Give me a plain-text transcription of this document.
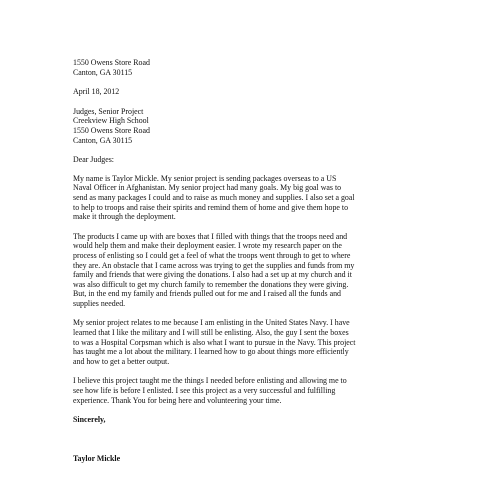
1550 Owens Store Road
Canton, GA 30115
April 18, 2012
Judges, Senior Project
Creekview High School
1550 Owens Store Road
Canton, GA 30115
Dear Judges:
My name is Taylor Mickle. My senior project is sending packages overseas to a US
Naval Officer in Afghanistan. My senior project had many goals. My big goal was to
send as many packages I could and to raise as much money and supplies. I also set a goal
to help to troops and raise their spirits and remind them of home and give them hope to
make it through the deployment.
The products I came up with are boxes that I filled with things that the troops need and
would help them and make their deployment easier. I wrote my research paper on the
process of enlisting so I could get a feel of what the troops went through to get to where
they are. An obstacle that I came across was trying to get the supplies and funds from my
family and friends that were giving the donations. I also had a set up at my church and it
was also difficult to get my church family to remember the donations they were giving.
But, in the end my family and friends pulled out for me and I raised all the funds and
supplies needed.
My senior project relates to me because I am enlisting in the United States Navy. I have
learned that I like the military and I will still be enlisting. Also, the guy I sent the boxes
to was a Hospital Corpsman which is also what I want to pursue in the Navy. This project
has taught me a lot about the military. I learned how to go about things more efficiently
and how to get a better output.
I believe this project taught me the things I needed before enlisting and allowing me to
see how life is before I enlisted. I see this project as a very successful and fulfilling
experience. Thank You for being here and volunteering your time.
Sincerely,
Taylor Mickle
